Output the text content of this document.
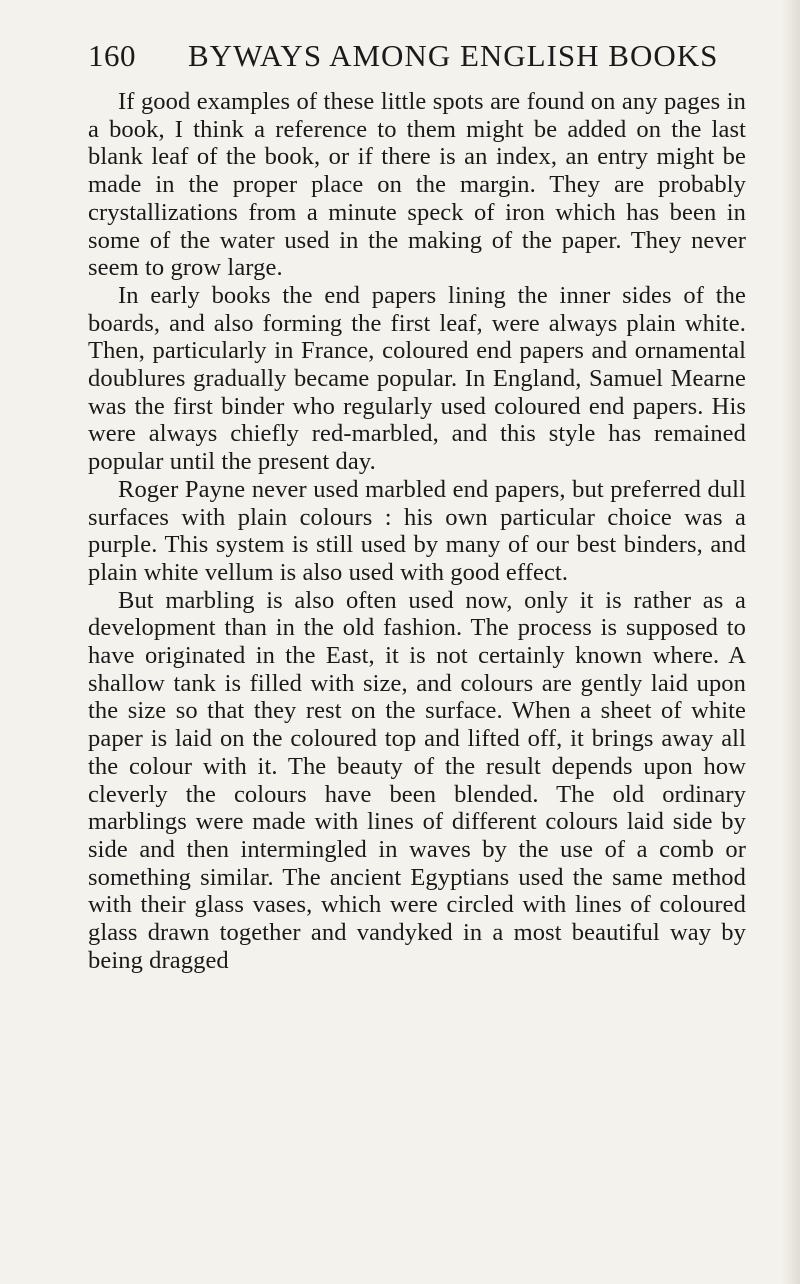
160 BYWAYS AMONG ENGLISH BOOKS

If good examples of these little spots are found on any pages in a book, I think a reference to them might be added on the last blank leaf of the book, or if there is an index, an entry might be made in the proper place on the margin. They are probably crystallizations from a minute speck of iron which has been in some of the water used in the making of the paper. They never seem to grow large.

In early books the end papers lining the inner sides of the boards, and also forming the first leaf, were always plain white. Then, particularly in France, coloured end papers and ornamental doublures gradually became popular. In England, Samuel Mearne was the first binder who regularly used coloured end papers. His were always chiefly red-marbled, and this style has remained popular until the present day.

Roger Payne never used marbled end papers, but preferred dull surfaces with plain colours : his own particular choice was a purple. This system is still used by many of our best binders, and plain white vellum is also used with good effect.

But marbling is also often used now, only it is rather as a development than in the old fashion. The process is supposed to have originated in the East, it is not certainly known where. A shallow tank is filled with size, and colours are gently laid upon the size so that they rest on the surface. When a sheet of white paper is laid on the coloured top and lifted off, it brings away all the colour with it. The beauty of the result depends upon how cleverly the colours have been blended. The old ordinary marblings were made with lines of different colours laid side by side and then intermingled in waves by the use of a comb or something similar. The ancient Egyptians used the same method with their glass vases, which were circled with lines of coloured glass drawn together and vandyked in a most beautiful way by being dragged
